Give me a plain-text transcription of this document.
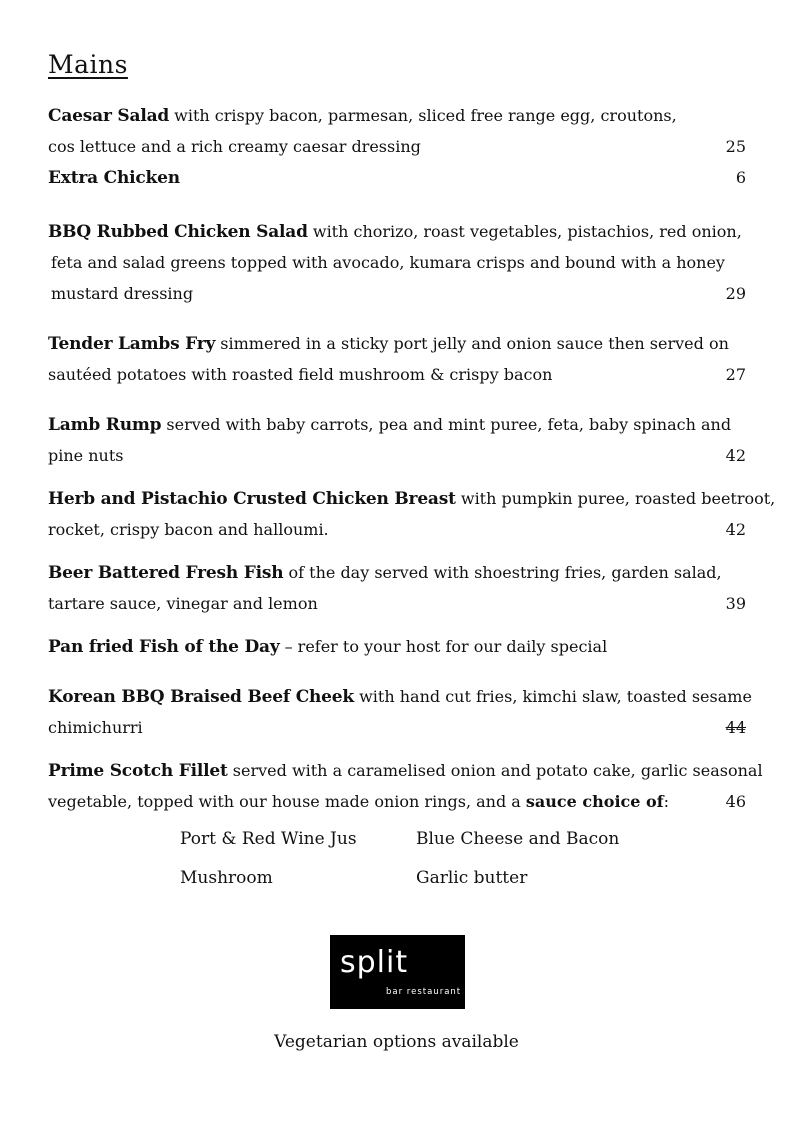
Mains
Caesar Salad with crispy bacon, parmesan, sliced free range egg, croutons,
cos lettuce and a rich creamy caesar dressing	25
Extra Chicken	6
BBQ Rubbed Chicken Salad with chorizo, roast vegetables, pistachios, red onion,
feta and salad greens topped with avocado, kumara crisps and bound with a honey
mustard dressing	29
Tender Lambs Fry simmered in a sticky port jelly and onion sauce then served on
sautéed potatoes with roasted field mushroom & crispy bacon	27
Lamb Rump served with baby carrots, pea and mint puree, feta, baby spinach and
pine nuts	42
Herb and Pistachio Crusted Chicken Breast with pumpkin puree, roasted beetroot,
rocket, crispy bacon and halloumi.	42
Beer Battered Fresh Fish of the day served with shoestring fries, garden salad,
tartare sauce, vinegar and lemon	39
Pan fried Fish of the Day – refer to your host for our daily special
Korean BBQ Braised Beef Cheek with hand cut fries, kimchi slaw, toasted sesame
chimichurri	44
Prime Scotch Fillet served with a caramelised onion and potato cake, garlic seasonal
vegetable, topped with our house made onion rings, and a sauce choice of:	46
Port & Red Wine Jus	Blue Cheese and Bacon
Mushroom	Garlic butter
split
bar restaurant
Vegetarian options available
